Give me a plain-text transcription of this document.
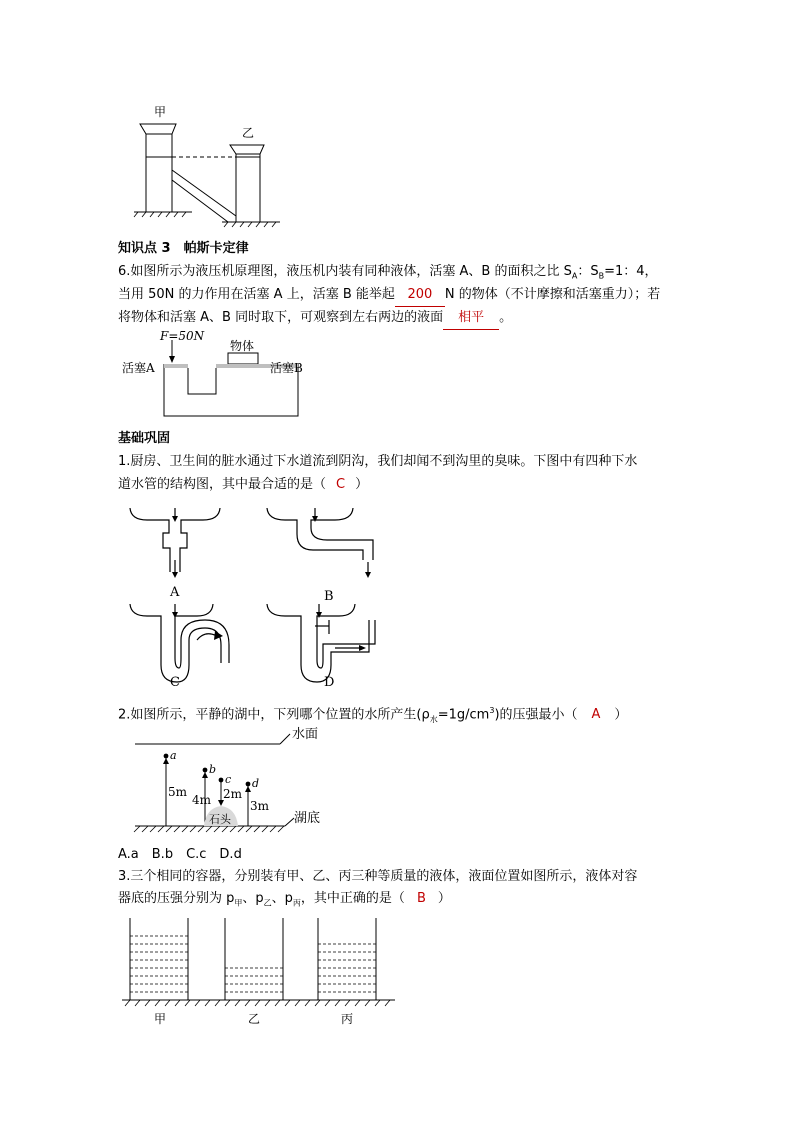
甲
乙
知识点 3　帕斯卡定律
6.如图所示为液压机原理图，液压机内装有同种液体，活塞 A、B 的面积之比 $S_A$：$S_B=1$：4，
当用 50N 的力作用在活塞 A 上，活塞 B 能举起 200 N 的物体（不计摩擦和活塞重力）；若
将物体和活塞 A、B 同时取下，可观察到左右两边的液面 相平 。
F=50N
物体
活塞A	活塞B
基础巩固
1.厨房、卫生间的脏水通过下水道流到阴沟，我们却闻不到沟里的臭味。下图中有四种下水
道水管的结构图，其中最合适的是（ C ）
A	B
C	D
2.如图所示，平静的湖中，下列哪个位置的水所产生$(\rho_水=1g/cm^3)$的压强最小（ A ）
水面
湖底
石头
a
b
c d
5m
4m 2m
3m
A.a　B.b　C.c　D.d
3.三个相同的容器，分别装有甲、乙、丙三种等质量的液体，液面位置如图所示，液体对容
器底的压强分别为 $p_甲$、$p_乙$、$p_丙$，其中正确的是（ B ）
甲	乙	丙
